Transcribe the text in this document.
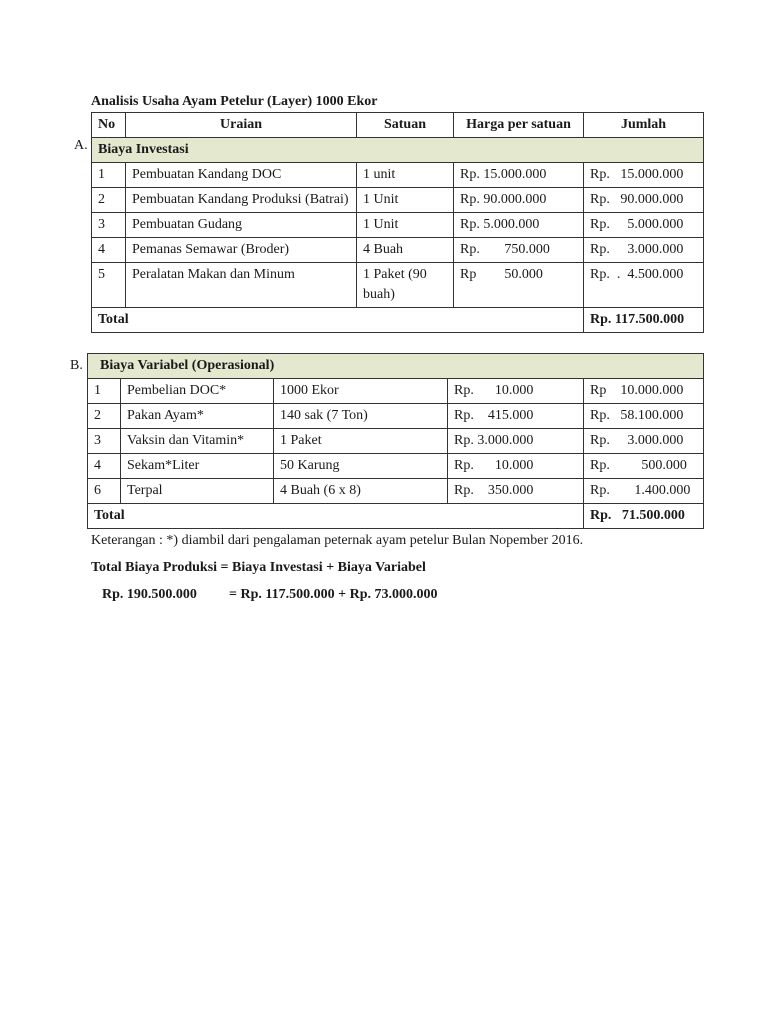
Analisis Usaha Ayam Petelur (Layer) 1000 Ekor
A.
No	Uraian	Satuan	Harga per satuan	Jumlah
Biaya Investasi				
1	Pembuatan Kandang DOC	1 unit	Rp. 15.000.000	Rp.   15.000.000
2	Pembuatan Kandang Produksi (Batrai)	1 Unit	Rp. 90.000.000	Rp.   90.000.000
3	Pembuatan Gudang	1 Unit	Rp. 5.000.000	Rp.     5.000.000
4	Pemanas Semawar (Broder)	4 Buah	Rp.       750.000	Rp.     3.000.000
5	Peralatan Makan dan Minum	1 Paket (90 buah)	Rp        50.000	Rp.  .  4.500.000
Total				Rp. 117.500.000
B. Biaya Variabel (Operasional)				
1	Pembelian DOC*	1000 Ekor	Rp.      10.000	Rp    10.000.000
2	Pakan Ayam*	140 sak (7 Ton)	Rp.    415.000	Rp.   58.100.000
3	Vaksin dan Vitamin*	1 Paket	Rp. 3.000.000	Rp.     3.000.000
4	Sekam*Liter	50 Karung	Rp.      10.000	Rp.         500.000
6	Terpal	4 Buah (6 x 8)	Rp.    350.000	Rp.       1.400.000
Total				Rp.   71.500.000
Keterangan : *) diambil dari pengalaman peternak ayam petelur Bulan Nopember 2016.
Total Biaya Produksi = Biaya Investasi + Biaya Variabel
Rp. 190.500.000 = Rp. 117.500.000 + Rp. 73.000.000
